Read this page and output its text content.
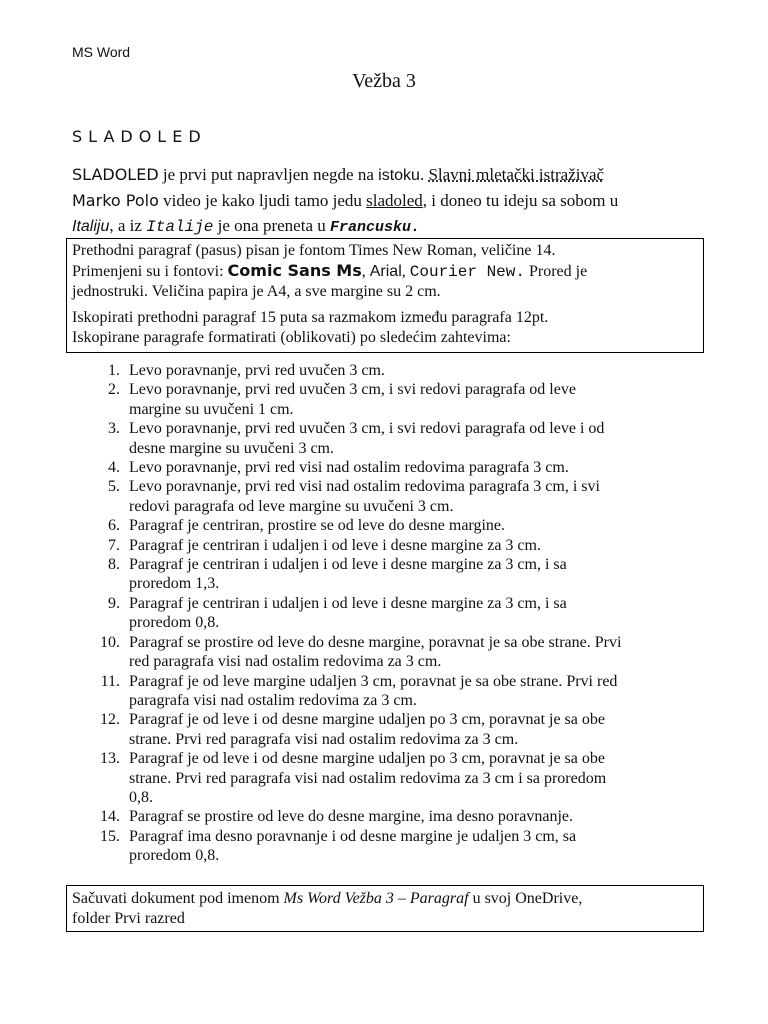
MS Word
Vežba 3
SLADOLED
SLADOLED je prvi put napravljen negde na istoku. Slavni mletački istraživač
Marko Polo video je kako ljudi tamo jedu sladoled, i doneo tu ideju sa sobom u
Italiju, a iz Italije je ona preneta u Francusku.

Prethodni paragraf (pasus) pisan je fontom Times New Roman, veličine 14.

Primenjeni su i fontovi: Comic Sans Ms, Arial, Courier New. Prored je

jednostruki. Veličina papira je A4, a sve margine su 2 cm.

Iskopirati prethodni paragraf 15 puta sa razmakom između paragrafa 12pt.

Iskopirane paragrafe formatirati (oblikovati) po sledećim zahtevima:

1. Levo poravnanje, prvi red uvučen 3 cm.
2. Levo poravnanje, prvi red uvučen 3 cm, i svi redovi paragrafa od leve
margine su uvučeni 1 cm.
3. Levo poravnanje, prvi red uvučen 3 cm, i svi redovi paragrafa od leve i od
desne margine su uvučeni 3 cm.
4. Levo poravnanje, prvi red visi nad ostalim redovima paragrafa 3 cm.
5. Levo poravnanje, prvi red visi nad ostalim redovima paragrafa 3 cm, i svi
redovi paragrafa od leve margine su uvučeni 3 cm.
6. Paragraf je centriran, prostire se od leve do desne margine.
7. Paragraf je centriran i udaljen i od leve i desne margine za 3 cm.
8. Paragraf je centriran i udaljen i od leve i desne margine za 3 cm, i sa
proredom 1,3.
9. Paragraf je centriran i udaljen i od leve i desne margine za 3 cm, i sa
proredom 0,8.
10. Paragraf se prostire od leve do desne margine, poravnat je sa obe strane. Prvi
red paragrafa visi nad ostalim redovima za 3 cm.
11. Paragraf je od leve margine udaljen 3 cm, poravnat je sa obe strane. Prvi red
paragrafa visi nad ostalim redovima za 3 cm.
12. Paragraf je od leve i od desne margine udaljen po 3 cm, poravnat je sa obe
strane. Prvi red paragrafa visi nad ostalim redovima za 3 cm.
13. Paragraf je od leve i od desne margine udaljen po 3 cm, poravnat je sa obe
strane. Prvi red paragrafa visi nad ostalim redovima za 3 cm i sa proredom
0,8.
14. Paragraf se prostire od leve do desne margine, ima desno poravnanje.
15. Paragraf ima desno poravnanje i od desne margine je udaljen 3 cm, sa
proredom 0,8.

Sačuvati dokument pod imenom Ms Word Vežba 3 – Paragraf u svoj OneDrive,

folder Prvi razred
